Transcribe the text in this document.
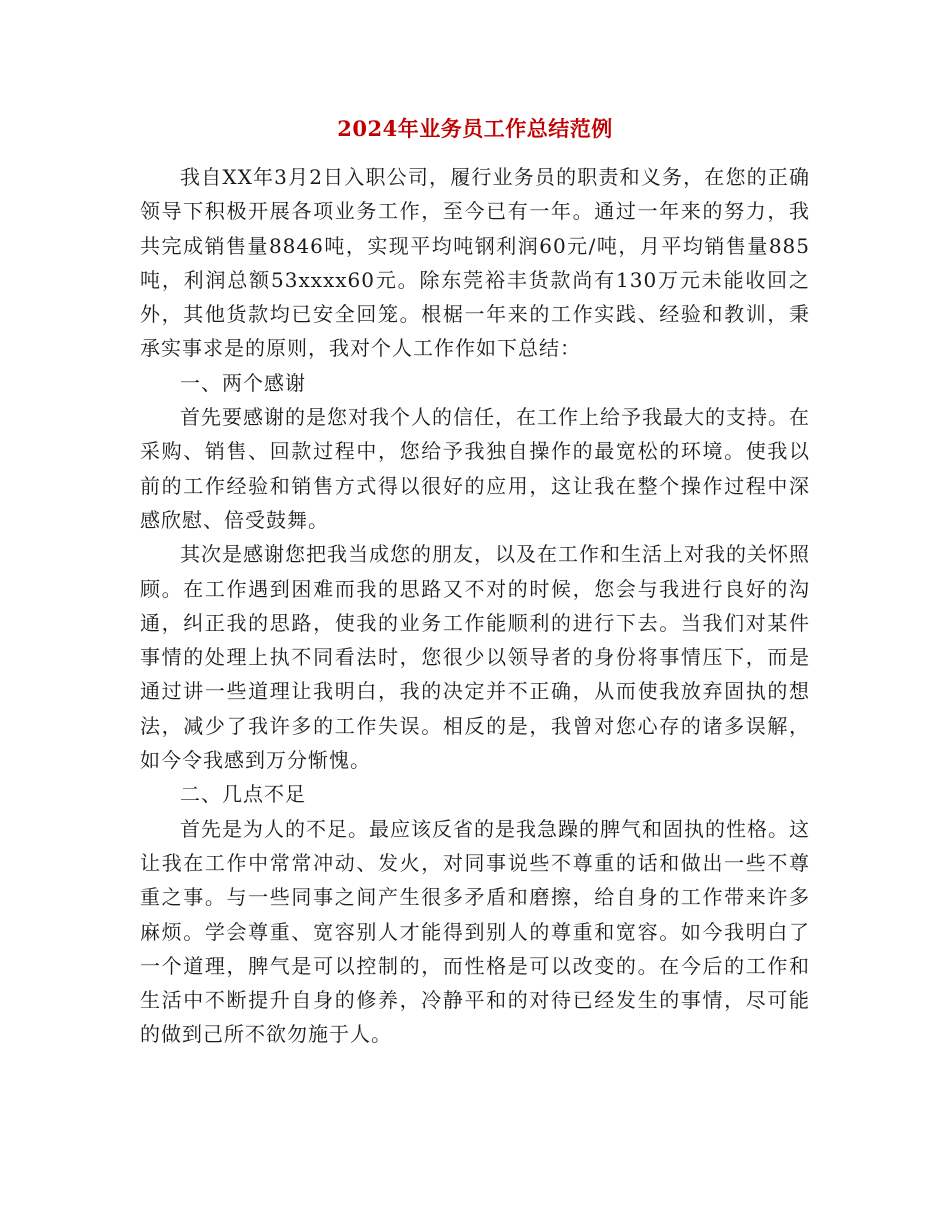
2024年业务员工作总结范例

我自XX年3月2日入职公司，履行业务员的职责和义务，在您的正确领导下积极开展各项业务工作，至今已有一年。通过一年来的努力，我共完成销售量8846吨，实现平均吨钢利润60元/吨，月平均销售量885吨，利润总额53xxxx60元。除东莞裕丰货款尚有130万元未能收回之外，其他货款均已安全回笼。根椐一年来的工作实践、经验和教训，秉承实事求是的原则，我对个人工作作如下总结：

一、两个感谢

首先要感谢的是您对我个人的信任，在工作上给予我最大的支持。在采购、销售、回款过程中，您给予我独自操作的最宽松的环境。使我以前的工作经验和销售方式得以很好的应用，这让我在整个操作过程中深感欣慰、倍受鼓舞。

其次是感谢您把我当成您的朋友，以及在工作和生活上对我的关怀照顾。在工作遇到困难而我的思路又不对的时候，您会与我进行良好的沟通，纠正我的思路，使我的业务工作能顺利的进行下去。当我们对某件事情的处理上执不同看法时，您很少以领导者的身份将事情压下，而是通过讲一些道理让我明白，我的决定并不正确，从而使我放弃固执的想法，减少了我许多的工作失误。相反的是，我曾对您心存的诸多误解，如今令我感到万分惭愧。

二、几点不足

首先是为人的不足。最应该反省的是我急躁的脾气和固执的性格。这让我在工作中常常冲动、发火，对同事说些不尊重的话和做出一些不尊重之事。与一些同事之间产生很多矛盾和磨擦，给自身的工作带来许多麻烦。学会尊重、宽容别人才能得到别人的尊重和宽容。如今我明白了一个道理，脾气是可以控制的，而性格是可以改变的。在今后的工作和生活中不断提升自身的修养，冷静平和的对待已经发生的事情，尽可能的做到己所不欲勿施于人。
